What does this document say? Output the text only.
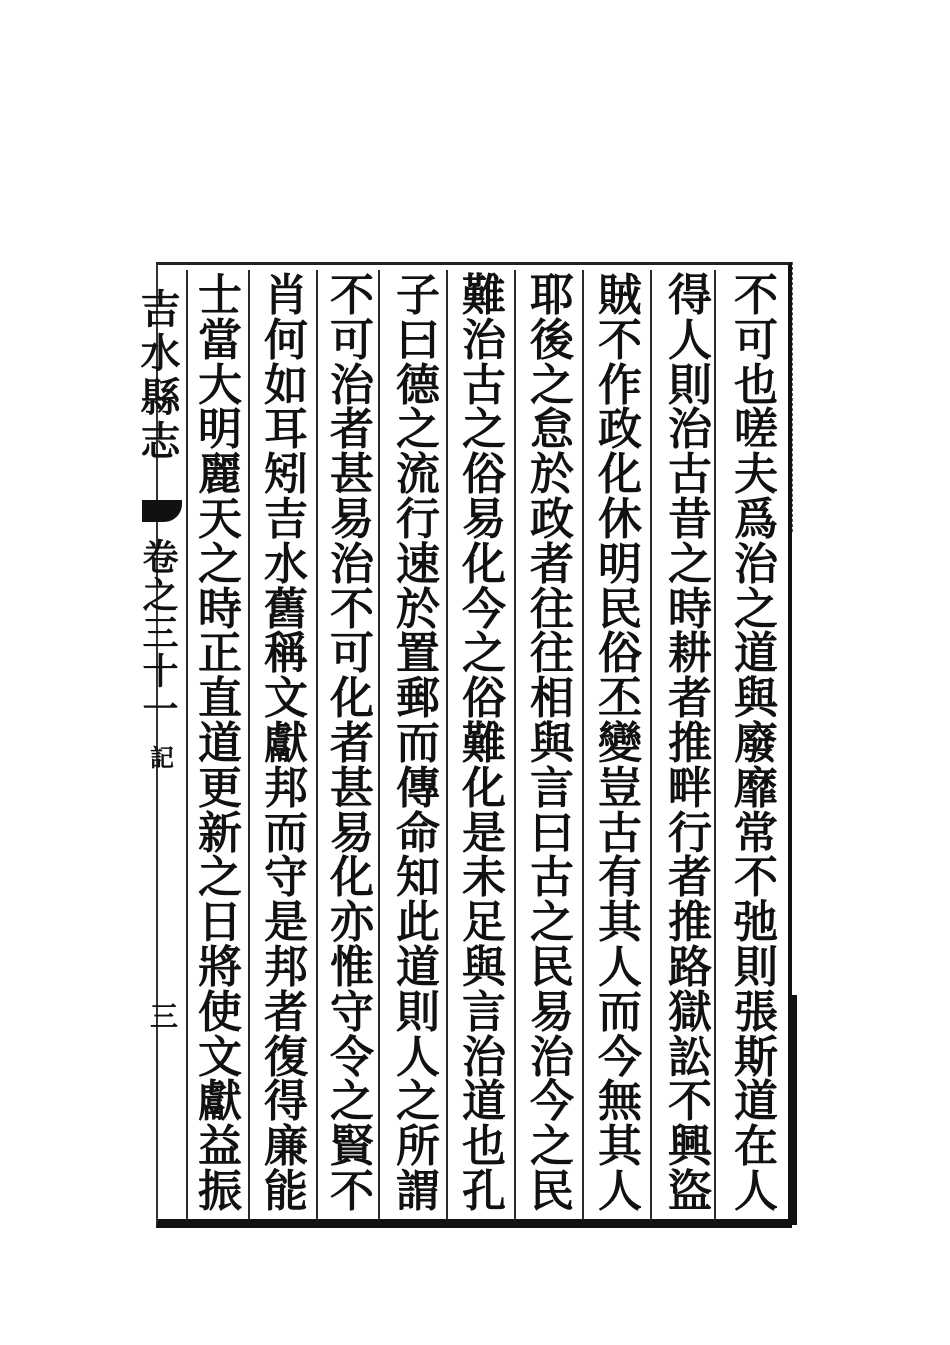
吉水縣志
卷之三十一
記
三
不
可
也
嗟
夫
爲
治
之
道
與
廢
靡
常
不
弛
則
張
斯
道
在
人
得
人
則
治
古
昔
之
時
耕
者
推
畔
行
者
推
路
獄
訟
不
興
盜
賊
不
作
政
化
休
明
民
俗
丕
變
豈
古
有
其
人
而
今
無
其
人
耶
後
之
怠
於
政
者
往
往
相
與
言
曰
古
之
民
易
治
今
之
民
難
治
古
之
俗
易
化
今
之
俗
難
化
是
未
足
與
言
治
道
也
孔
子
曰
德
之
流
行
速
於
置
郵
而
傳
命
知
此
道
則
人
之
所
謂
不
可
治
者
甚
易
治
不
可
化
者
甚
易
化
亦
惟
守
令
之
賢
不
肖
何
如
耳
矧
吉
水
舊
稱
文
獻
邦
而
守
是
邦
者
復
得
廉
能
士
當
大
明
麗
天
之
時
正
直
道
更
新
之
日
將
使
文
獻
益
振
